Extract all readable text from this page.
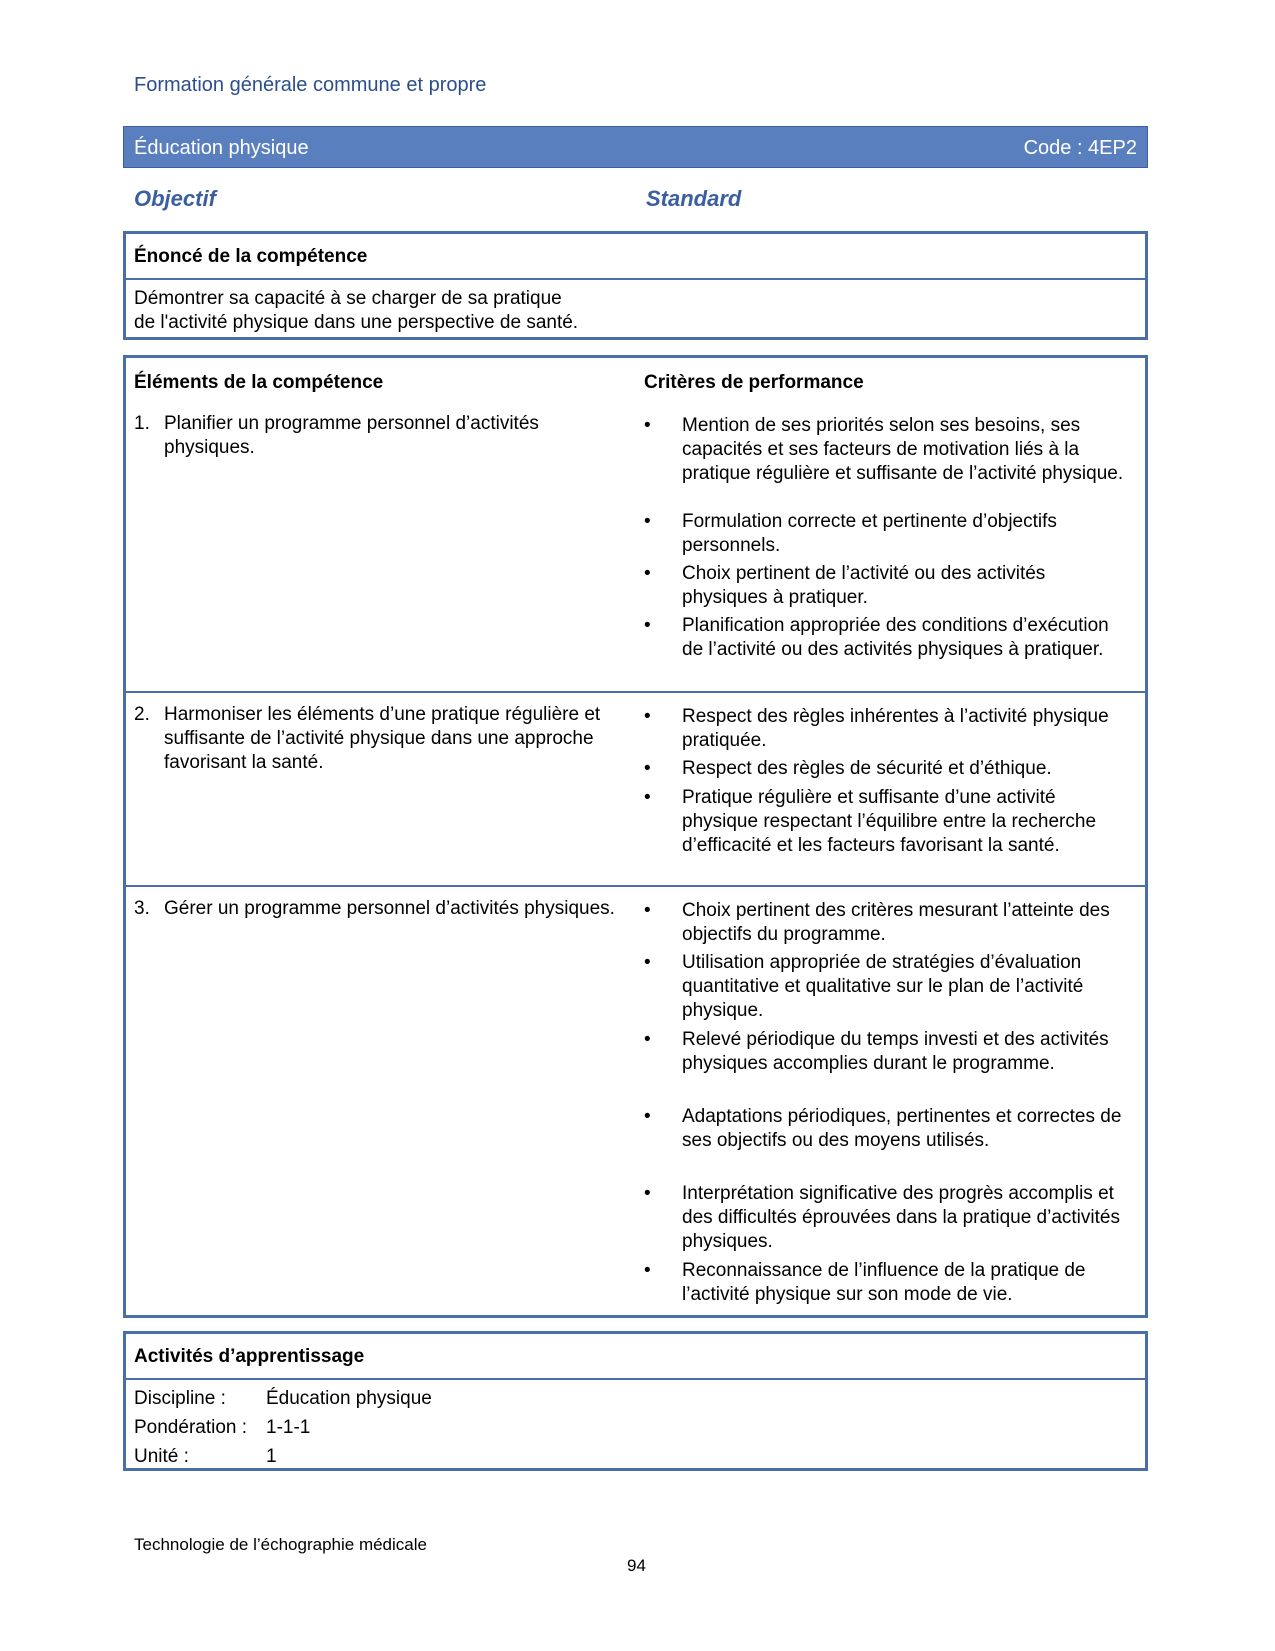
Formation générale commune et propre
Éducation physique	Code : 4EP2
Objectif	Standard
Énoncé de la compétence
Démontrer sa capacité à se charger de sa pratique
de l'activité physique dans une perspective de santé.
Éléments de la compétence	Critères de performance
1. Planifier un programme personnel d’activités physiques.
• Mention de ses priorités selon ses besoins, ses capacités et ses facteurs de motivation liés à la pratique régulière et suffisante de l’activité physique.
• Formulation correcte et pertinente d’objectifs personnels.
• Choix pertinent de l’activité ou des activités physiques à pratiquer.
• Planification appropriée des conditions d’exécution de l’activité ou des activités physiques à pratiquer.
2. Harmoniser les éléments d’une pratique régulière et suffisante de l’activité physique dans une approche favorisant la santé.
• Respect des règles inhérentes à l’activité physique pratiquée.
• Respect des règles de sécurité et d’éthique.
• Pratique régulière et suffisante d’une activité physique respectant l’équilibre entre la recherche d’efficacité et les facteurs favorisant la santé.
3. Gérer un programme personnel d’activités physiques.	• Choix pertinent des critères mesurant l’atteinte des objectifs du programme.
• Utilisation appropriée de stratégies d’évaluation quantitative et qualitative sur le plan de l’activité physique.
• Relevé périodique du temps investi et des activités physiques accomplies durant le programme.
• Adaptations périodiques, pertinentes et correctes de ses objectifs ou des moyens utilisés.
• Interprétation significative des progrès accomplis et des difficultés éprouvées dans la pratique d’activités physiques.
• Reconnaissance de l’influence de la pratique de l’activité physique sur son mode de vie.
Activités d’apprentissage
Discipline : Éducation physique
Pondération : 1-1-1
Unité :	1
Technologie de l’échographie médicale
94
